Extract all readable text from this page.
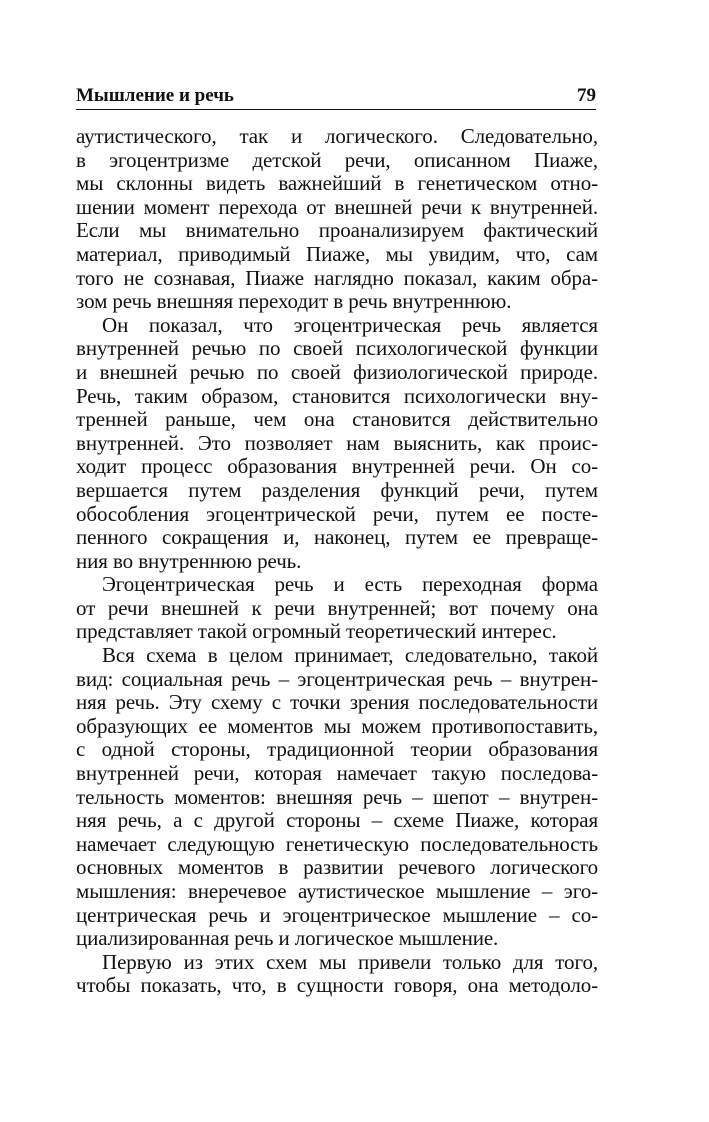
Мышление и речь	79
аутистического, так и логического. Следовательно,
в эгоцентризме детской речи, описанном Пиаже,
мы склонны видеть важнейший в генетическом отно-
шении момент перехода от внешней речи к внутренней.
Если мы внимательно проанализируем фактический
материал, приводимый Пиаже, мы увидим, что, сам
того не сознавая, Пиаже наглядно показал, каким обра-
зом речь внешняя переходит в речь внутреннюю.
Он показал, что эгоцентрическая речь является
внутренней речью по своей психологической функции
и внешней речью по своей физиологической природе.
Речь, таким образом, становится психологически вну-
тренней раньше, чем она становится действительно
внутренней. Это позволяет нам выяснить, как проис-
ходит процесс образования внутренней речи. Он со-
вершается путем разделения функций речи, путем
обособления эгоцентрической речи, путем ее посте-
пенного сокращения и, наконец, путем ее превраще-
ния во внутреннюю речь.
Эгоцентрическая речь и есть переходная форма
от речи внешней к речи внутренней; вот почему она
представляет такой огромный теоретический интерес.
Вся схема в целом принимает, следовательно, такой
вид: социальная речь – эгоцентрическая речь – внутрен-
няя речь. Эту схему с точки зрения последовательности
образующих ее моментов мы можем противопоставить,
с одной стороны, традиционной теории образования
внутренней речи, которая намечает такую последова-
тельность моментов: внешняя речь – шепот – внутрен-
няя речь, а с другой стороны – схеме Пиаже, которая
намечает следующую генетическую последовательность
основных моментов в развитии речевого логического
мышления: внеречевое аутистическое мышление – эго-
центрическая речь и эгоцентрическое мышление – со-
циализированная речь и логическое мышление.
Первую из этих схем мы привели только для того,
чтобы показать, что, в сущности говоря, она методоло-
